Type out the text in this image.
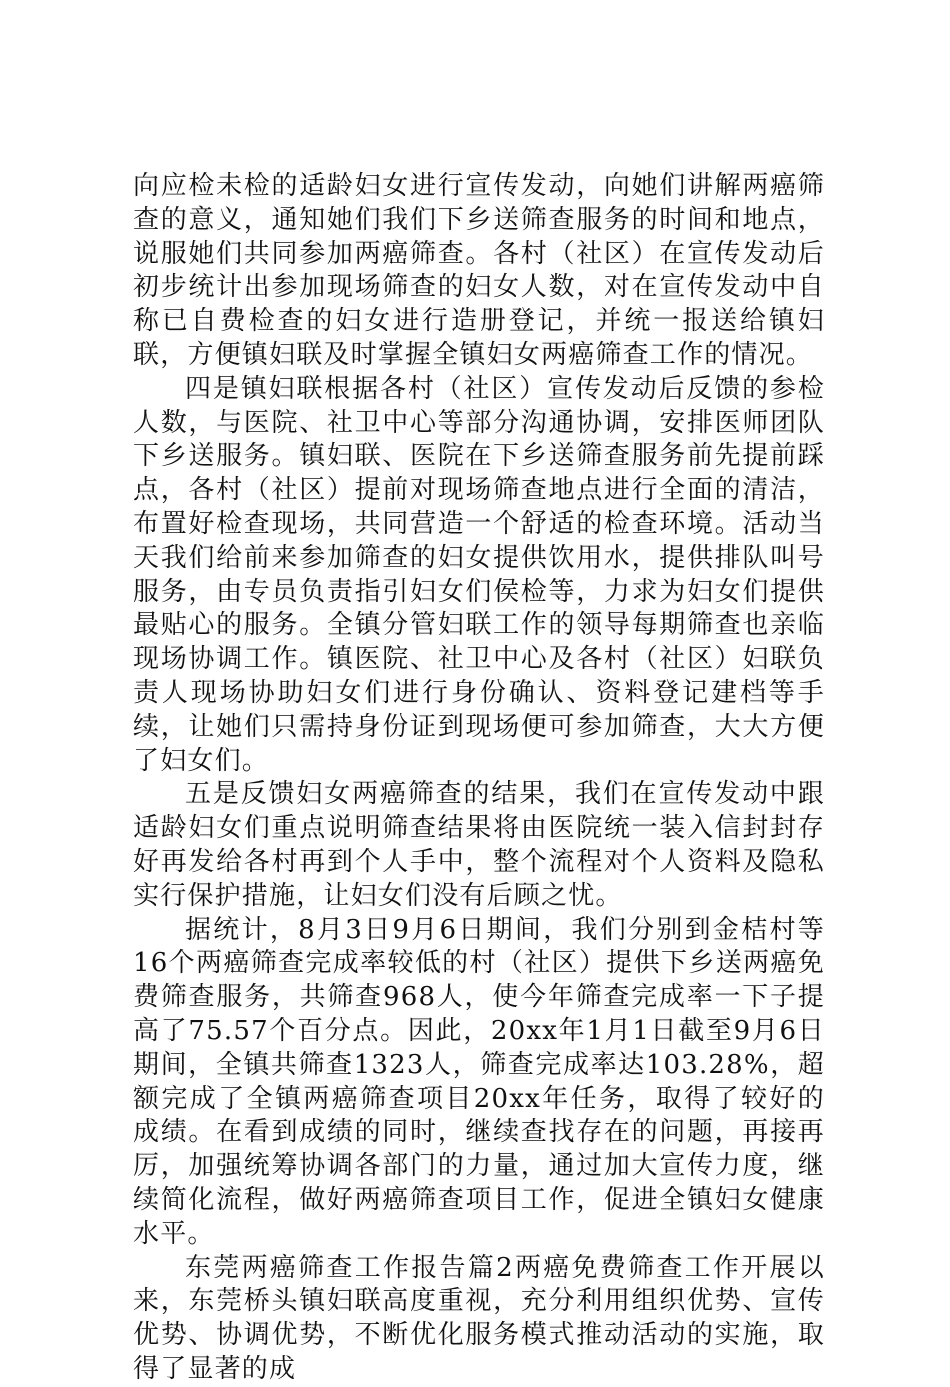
向应检未检的适龄妇女进行宣传发动，向她们讲解两癌筛查的意义，通知她们我们下乡送筛查服务的时间和地点，说服她们共同参加两癌筛查。各村（社区）在宣传发动后初步统计出参加现场筛查的妇女人数，对在宣传发动中自称已自费检查的妇女进行造册登记，并统一报送给镇妇联，方便镇妇联及时掌握全镇妇女两癌筛查工作的情况。

四是镇妇联根据各村（社区）宣传发动后反馈的参检人数，与医院、社卫中心等部分沟通协调，安排医师团队下乡送服务。镇妇联、医院在下乡送筛查服务前先提前踩点，各村（社区）提前对现场筛查地点进行全面的清洁，布置好检查现场，共同营造一个舒适的检查环境。活动当天我们给前来参加筛查的妇女提供饮用水，提供排队叫号服务，由专员负责指引妇女们侯检等，力求为妇女们提供最贴心的服务。全镇分管妇联工作的领导每期筛查也亲临现场协调工作。镇医院、社卫中心及各村（社区）妇联负责人现场协助妇女们进行身份确认、资料登记建档等手续，让她们只需持身份证到现场便可参加筛查，大大方便了妇女们。

五是反馈妇女两癌筛查的结果，我们在宣传发动中跟适龄妇女们重点说明筛查结果将由医院统一装入信封封存好再发给各村再到个人手中，整个流程对个人资料及隐私实行保护措施，让妇女们没有后顾之忧。

据统计，8月3日9月6日期间，我们分别到金桔村等16个两癌筛查完成率较低的村（社区）提供下乡送两癌免费筛查服务，共筛查968人，使今年筛查完成率一下子提高了75.57个百分点。因此，20xx年1月1日截至9月6日期间，全镇共筛查1323人，筛查完成率达103.28%，超额完成了全镇两癌筛查项目20xx年任务，取得了较好的成绩。在看到成绩的同时，继续查找存在的问题，再接再厉，加强统筹协调各部门的力量，通过加大宣传力度，继续简化流程，做好两癌筛查项目工作，促进全镇妇女健康水平。

东莞两癌筛查工作报告篇2两癌免费筛查工作开展以来，东莞桥头镇妇联高度重视，充分利用组织优势、宣传优势、协调优势，不断优化服务模式推动活动的实施，取得了显著的成
